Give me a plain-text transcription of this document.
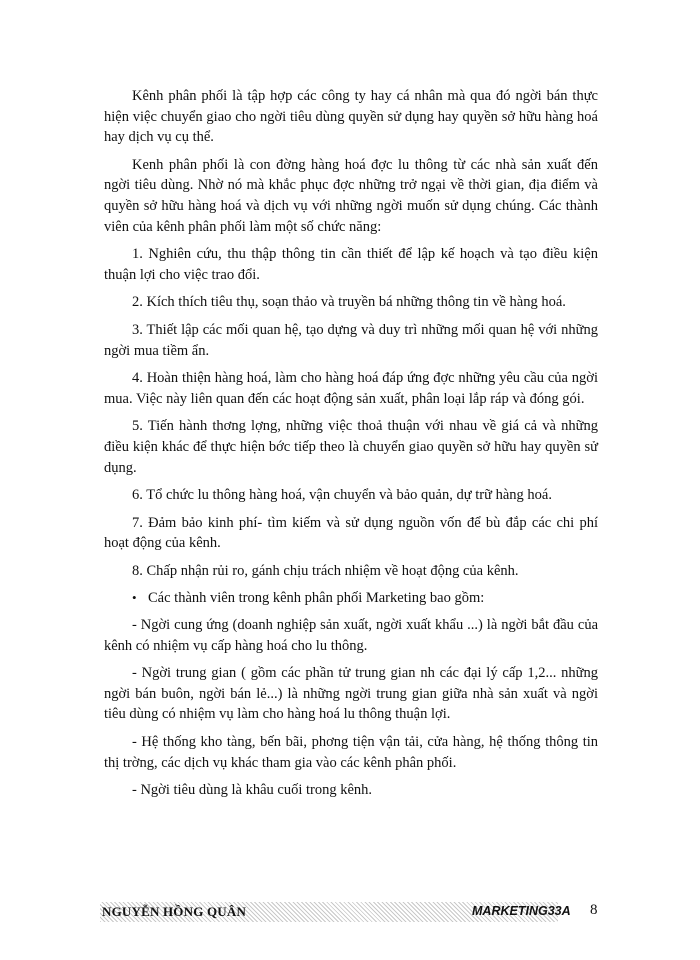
Kênh phân phối là tập hợp các công ty hay cá nhân mà qua đó ngời bán thực hiện việc chuyển giao cho ngời tiêu dùng quyền sử dụng hay quyền sở hữu hàng hoá hay dịch vụ cụ thể.

Kenh phân phối là con đờng hàng hoá đợc lu thông từ các nhà sản xuất đến ngời tiêu dùng. Nhờ nó mà khắc phục đợc những trở ngại về thời gian, địa điểm và quyền sở hữu hàng hoá và dịch vụ với những ngời muốn sử dụng chúng. Các thành viên của kênh phân phối làm một số chức năng:

1. Nghiên cứu, thu thập thông tin cần thiết để lập kế hoạch và tạo điều kiện thuận lợi cho việc trao đổi.

2. Kích thích tiêu thụ, soạn thảo và truyền bá những thông tin về hàng hoá.

3. Thiết lập các mối quan hệ, tạo dựng và duy trì những mối quan hệ với những ngời mua tiềm ẩn.

4. Hoàn thiện hàng hoá, làm cho hàng hoá đáp ứng đợc những yêu cầu của ngời mua. Việc này liên quan đến các hoạt động sản xuất, phân loại lắp ráp và đóng gói.

5. Tiến hành thơng lợng, những việc thoả thuận với nhau về giá cả và những điều kiện khác để thực hiện bớc tiếp theo là chuyển giao quyền sở hữu hay quyền sử dụng.

6. Tổ chức lu thông hàng hoá, vận chuyển và bảo quản, dự trữ hàng hoá.

7. Đảm bảo kinh phí- tìm kiếm và sử dụng nguồn vốn để bù đắp các chi phí hoạt động của kênh.

8. Chấp nhận rủi ro, gánh chịu trách nhiệm về hoạt động của kênh.

• Các thành viên trong kênh phân phối Marketing bao gồm:

- Ngời cung ứng (doanh nghiệp sản xuất, ngời xuất khẩu ...) là ngời bắt đầu của kênh có nhiệm vụ cấp hàng hoá cho lu thông.

- Ngời trung gian ( gồm các phần tử trung gian nh các đại lý cấp 1,2... những ngời bán buôn, ngời bán lẻ...) là những ngời trung gian giữa nhà sản xuất và ngời tiêu dùng có nhiệm vụ làm cho hàng hoá lu thông thuận lợi.

- Hệ thống kho tàng, bến bãi, phơng tiện vận tải, cửa hàng, hệ thống thông tin thị trờng, các dịch vụ khác tham gia vào các kênh phân phối.

- Ngời tiêu dùng là khâu cuối trong kênh.

NGUYỄN HỒNG QUÂN	MARKETING33A 8
